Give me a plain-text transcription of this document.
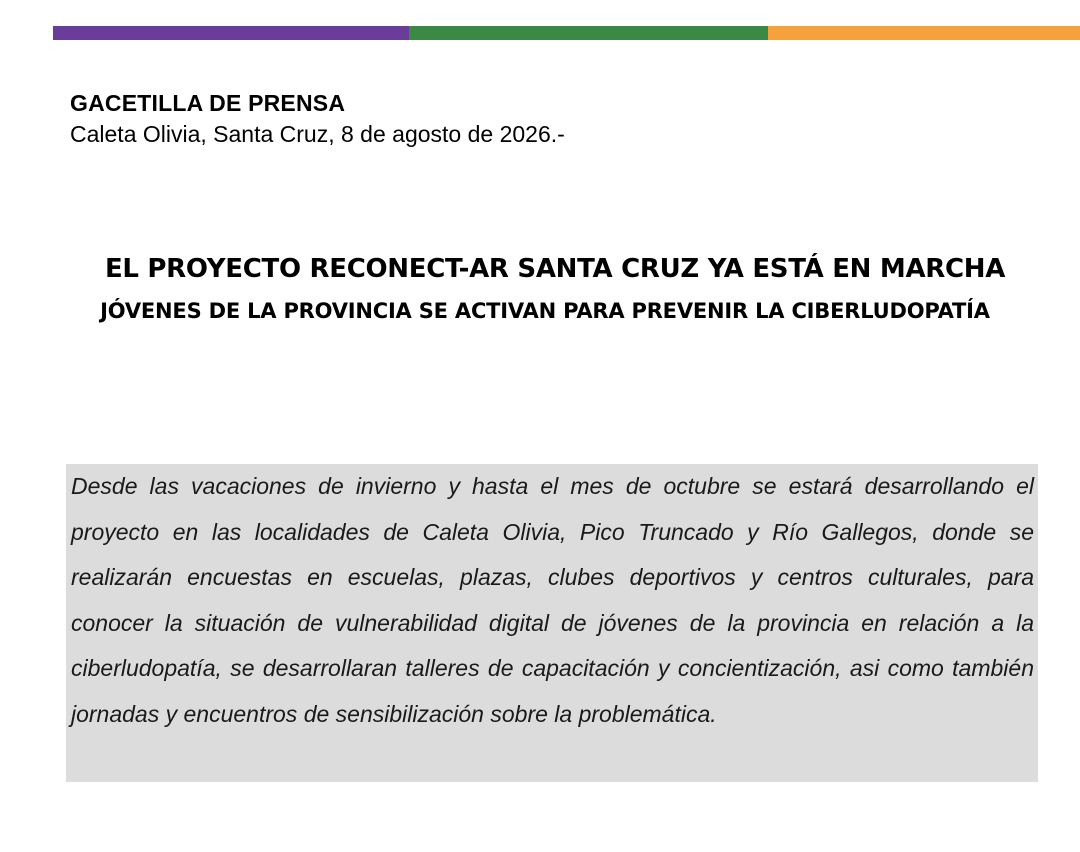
GACETILLA DE PRENSA
Caleta Olivia, Santa Cruz, 8 de agosto de 2026.-
EL PROYECTO RECONECT-AR SANTA CRUZ YA ESTÁ EN MARCHA
JÓVENES DE LA PROVINCIA SE ACTIVAN PARA PREVENIR LA CIBERLUDOPATÍA

Desde las vacaciones de invierno y hasta el mes de octubre se estará desarrollando el proyecto en las localidades de Caleta Olivia, Pico Truncado y Río Gallegos, donde se realizarán encuestas en escuelas, plazas, clubes deportivos y centros culturales, para conocer la situación de vulnerabilidad digital de jóvenes de la provincia en relación a la ciberludopatía, se desarrollaran talleres de capacitación y concientización, asi como también jornadas y encuentros de sensibilización sobre la problemática.
